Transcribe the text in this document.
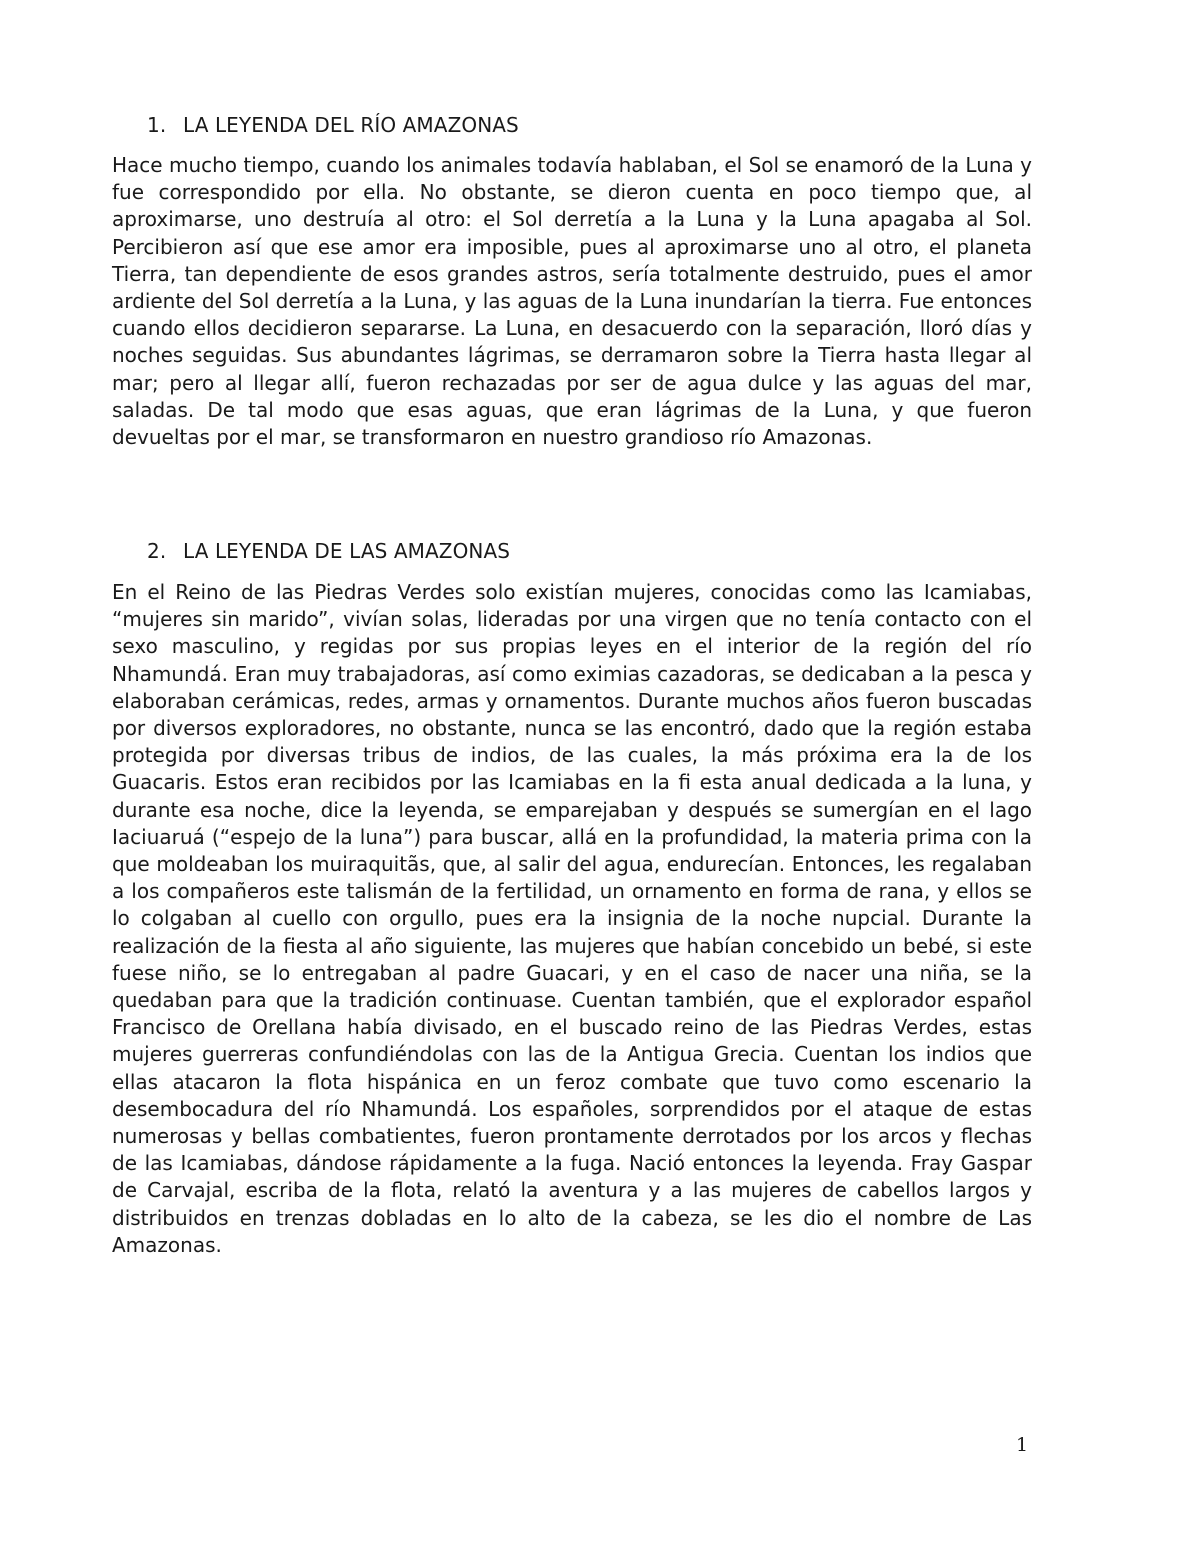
1. LA LEYENDA DEL RÍO AMAZONAS

Hace mucho tiempo, cuando los animales todavía hablaban, el Sol se enamoró de la Luna y fue correspondido por ella. No obstante, se dieron cuenta en poco tiempo que, al aproximarse, uno destruía al otro: el Sol derretía a la Luna y la Luna apagaba al Sol. Percibieron así que ese amor era imposible, pues al aproximarse uno al otro, el planeta Tierra, tan dependiente de esos grandes astros, sería totalmente destruido, pues el amor ardiente del Sol derretía a la Luna, y las aguas de la Luna inundarían la tierra. Fue entonces cuando ellos decidieron separarse. La Luna, en desacuerdo con la separación, lloró días y noches seguidas. Sus abundantes lágrimas, se derramaron sobre la Tierra hasta llegar al mar; pero al llegar allí, fueron rechazadas por ser de agua dulce y las aguas del mar, saladas. De tal modo que esas aguas, que eran lágrimas de la Luna, y que fueron devueltas por el mar, se transformaron en nuestro grandioso río Amazonas.

2. LA LEYENDA DE LAS AMAZONAS

En el Reino de las Piedras Verdes solo existían mujeres, conocidas como las Icamiabas, “mujeres sin marido”, vivían solas, lideradas por una virgen que no tenía contacto con el sexo masculino, y regidas por sus propias leyes en el interior de la región del río Nhamundá. Eran muy trabajadoras, así como eximias cazadoras, se dedicaban a la pesca y elaboraban cerámicas, redes, armas y ornamentos. Durante muchos años fueron buscadas por diversos exploradores, no obstante, nunca se las encontró, dado que la región estaba protegida por diversas tribus de indios, de las cuales, la más próxima era la de los Guacaris. Estos eran recibidos por las Icamiabas en la fi esta anual dedicada a la luna, y durante esa noche, dice la leyenda, se emparejaban y después se sumergían en el lago Iaciuaruá (“espejo de la luna”) para buscar, allá en la profundidad, la materia prima con la que moldeaban los muiraquitãs, que, al salir del agua, endurecían. Entonces, les regalaban a los compañeros este talismán de la fertilidad, un ornamento en forma de rana, y ellos se lo colgaban al cuello con orgullo, pues era la insignia de la noche nupcial. Durante la realización de la fiesta al año siguiente, las mujeres que habían concebido un bebé, si este fuese niño, se lo entregaban al padre Guacari, y en el caso de nacer una niña, se la quedaban para que la tradición continuase. Cuentan también, que el explorador español Francisco de Orellana había divisado, en el buscado reino de las Piedras Verdes, estas mujeres guerreras confundiéndolas con las de la Antigua Grecia. Cuentan los indios que ellas atacaron la flota hispánica en un feroz combate que tuvo como escenario la desembocadura del río Nhamundá. Los españoles, sorprendidos por el ataque de estas numerosas y bellas combatientes, fueron prontamente derrotados por los arcos y flechas de las Icamiabas, dándose rápidamente a la fuga. Nació entonces la leyenda. Fray Gaspar de Carvajal, escriba de la flota, relató la aventura y a las mujeres de cabellos largos y distribuidos en trenzas dobladas en lo alto de la cabeza, se les dio el nombre de Las Amazonas.

1
